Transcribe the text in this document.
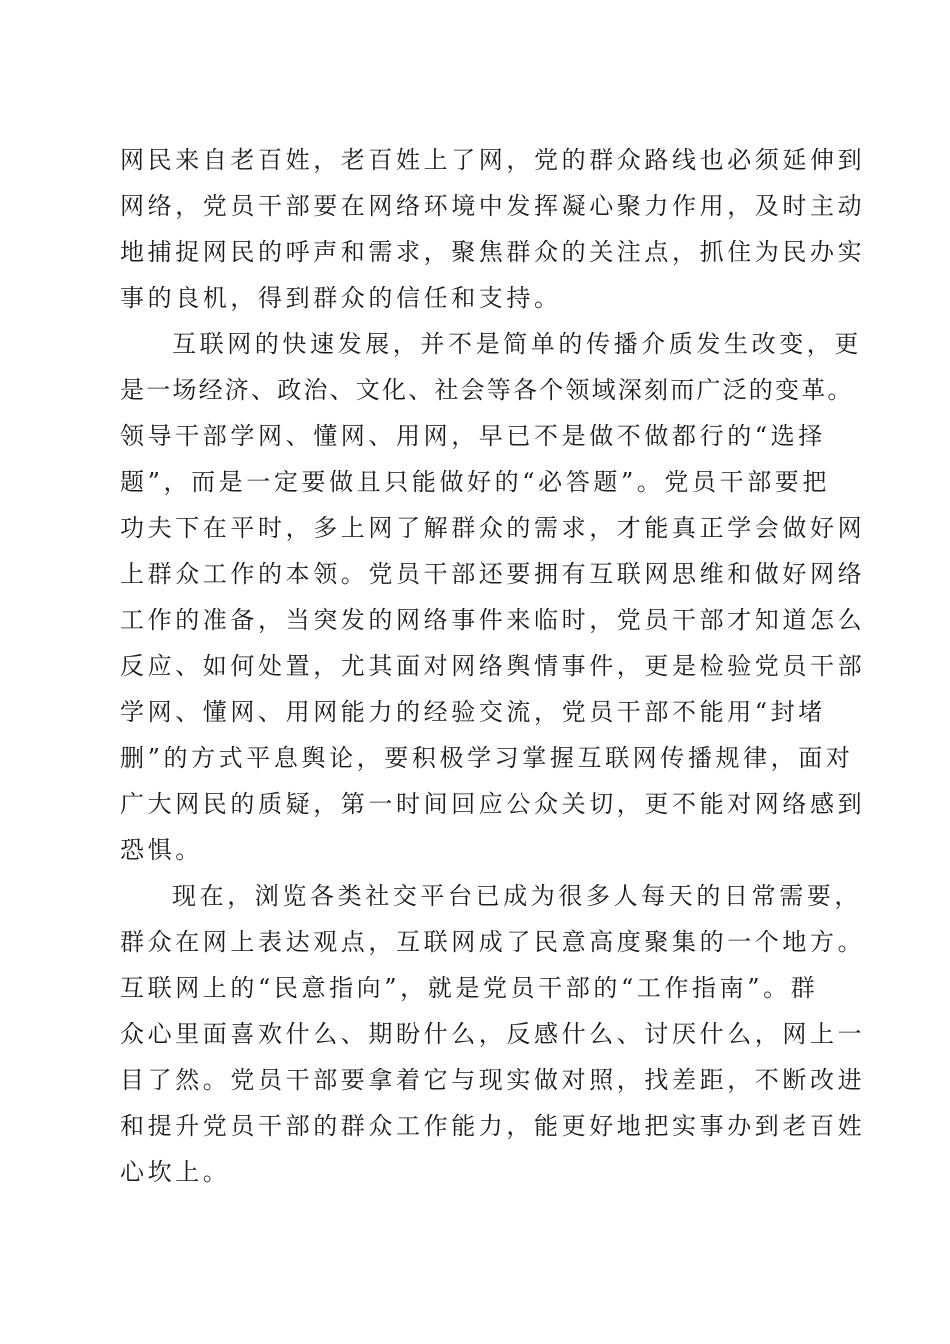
网民来自老百姓，老百姓上了网，党的群众路线也必须延伸到
网络，党员干部要在网络环境中发挥凝心聚力作用，及时主动
地捕捉网民的呼声和需求，聚焦群众的关注点，抓住为民办实
事的良机，得到群众的信任和支持。
互联网的快速发展，并不是简单的传播介质发生改变，更
是一场经济、政治、文化、社会等各个领域深刻而广泛的变革。
领导干部学网、懂网、用网，早已不是做不做都行的“选择
题”，而是一定要做且只能做好的“必答题”。党员干部要把
功夫下在平时，多上网了解群众的需求，才能真正学会做好网
上群众工作的本领。党员干部还要拥有互联网思维和做好网络
工作的准备，当突发的网络事件来临时，党员干部才知道怎么
反应、如何处置，尤其面对网络舆情事件，更是检验党员干部
学网、懂网、用网能力的经验交流，党员干部不能用“封堵
删”的方式平息舆论，要积极学习掌握互联网传播规律，面对
广大网民的质疑，第一时间回应公众关切，更不能对网络感到
恐惧。
现在，浏览各类社交平台已成为很多人每天的日常需要，
群众在网上表达观点，互联网成了民意高度聚集的一个地方。
互联网上的“民意指向”，就是党员干部的“工作指南”。群
众心里面喜欢什么、期盼什么，反感什么、讨厌什么，网上一
目了然。党员干部要拿着它与现实做对照，找差距，不断改进
和提升党员干部的群众工作能力，能更好地把实事办到老百姓
心坎上。
